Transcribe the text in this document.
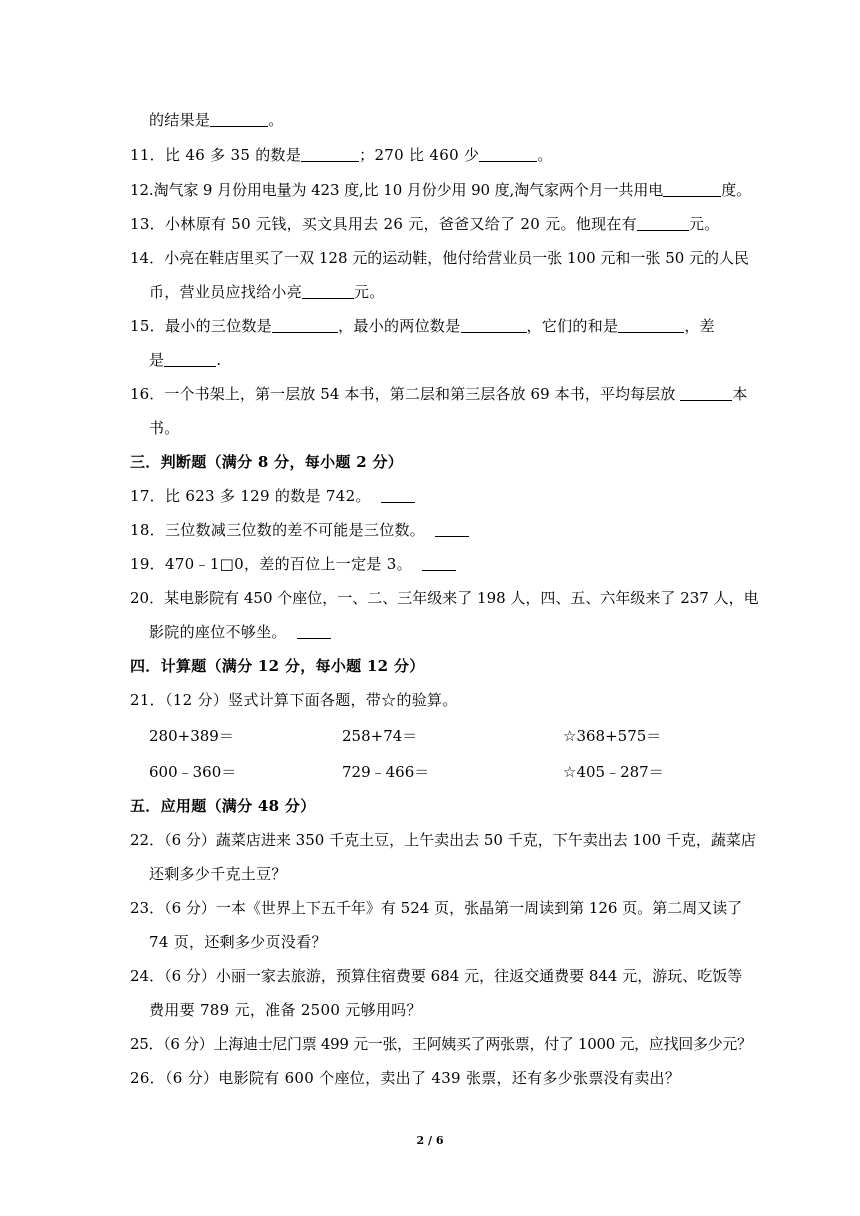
的结果是	。
11．比 46 多 35 的数是	；270 比 460 少	。
12.淘气家 9 月份用电量为 423 度,比 10 月份少用 90 度,淘气家两个月一共用电	度。
13．小林原有 50 元钱，买文具用去 26 元，爸爸又给了 20 元。他现在有	元。
14．小亮在鞋店里买了一双 128 元的运动鞋，他付给营业员一张 100 元和一张 50 元的人民
币，营业员应找给小亮	元。
15．最小的三位数是	，最小的两位数是	，它们的和是	，差
是	.
16．一个书架上，第一层放 54 本书，第二层和第三层各放 69 本书，平均每层放	本
书。
三．判断题（满分 8 分，每小题 2 分）
17．比 623 多 129 的数是 742。
18．三位数减三位数的差不可能是三位数。
19．470﹣1□0，差的百位上一定是 3。
20．某电影院有 450 个座位，一、二、三年级来了 198 人，四、五、六年级来了 237 人，电
影院的座位不够坐。
四．计算题（满分 12 分，每小题 12 分）
21．（12 分）竖式计算下面各题，带☆的验算。
280+389＝	258+74＝	☆368+575＝
600﹣360＝	729﹣466＝	☆405﹣287＝
五．应用题（满分 48 分）
22．（6 分）蔬菜店进来 350 千克土豆，上午卖出去 50 千克，下午卖出去 100 千克，蔬菜店
还剩多少千克土豆？
23．（6 分）一本《世界上下五千年》有 524 页，张晶第一周读到第 126 页。第二周又读了
74 页，还剩多少页没看？
24．（6 分）小丽一家去旅游，预算住宿费要 684 元，往返交通费要 844 元，游玩、吃饭等
费用要 789 元，准备 2500 元够用吗？
25．（6 分）上海迪士尼门票 499 元一张，王阿姨买了两张票，付了 1000 元，应找回多少元？
26．（6 分）电影院有 600 个座位，卖出了 439 张票，还有多少张票没有卖出？
2 / 6
